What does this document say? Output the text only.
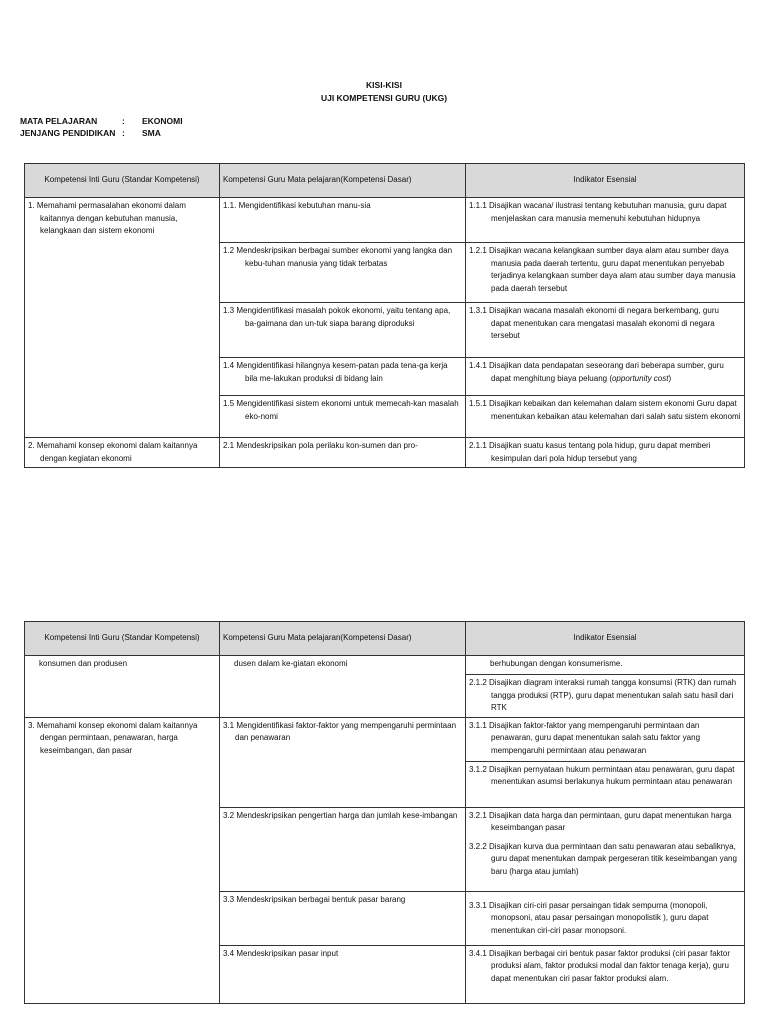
KISI-KISI
UJI KOMPETENSI GURU (UKG)
MATA PELAJARAN	: EKONOMI
JENJANG PENDIDIKAN : SMA
Kompetensi Inti Guru (Standar Kompetensi)	Kompetensi Guru Mata pelajaran(Kompetensi Dasar)	Indikator Esensial

1. Memahami permasalahan ekonomi dalam kaitannya dengan kebutuhan manusia, kelangkaan dan sistem ekonomi	1.1. Mengidentifikasi kebutuhan manu-sia	1.1.1 Disajikan wacana/ ilustrasi tentang kebutuhan manusia, guru dapat menjelaskan cara manusia memenuhi kebutuhan hidupnya

	1.2 Mendeskripsikan berbagai sumber ekonomi yang langka dan kebu-tuhan manusia yang tidak terbatas	1.2.1 Disajikan wacana kelangkaan sumber daya alam atau sumber daya manusia pada daerah tertentu, guru dapat menentukan penyebab terjadinya kelangkaan sumber daya alam atau sumber daya manusia pada daerah tersebut

	1.3 Mengidentifikasi masalah pokok ekonomi, yaitu tentang apa, ba-gaimana dan un-tuk siapa barang diproduksi	1.3.1 Disajikan wacana masalah ekonomi di negara berkembang, guru dapat menentukan cara mengatasi masalah ekonomi di negara tersebut

	1.4 Mengidentifikasi hilangnya kesem-patan pada tena-ga kerja bila me-lakukan produksi di bidang lain	1.4.1 Disajikan data pendapatan seseorang dari beberapa sumber, guru dapat menghitung biaya peluang (opportunity cost)

	1.5 Mengidentifikasi sistem ekonomi untuk memecah-kan masalah eko-nomi	1.5.1 Disajikan kebaikan dan kelemahan dalam sistem ekonomi Guru dapat menentukan kebaikan atau kelemahan dari salah satu sistem ekonomi

2. Memahami konsep ekonomi dalam kaitannya dengan kegiatan ekonomi	2.1 Mendeskripsikan pola perilaku kon-sumen dan pro-	2.1.1 Disajikan suatu kasus tentang pola hidup, guru dapat memberi kesimpulan dari pola hidup tersebut yang
Kompetensi Inti Guru (Standar Kompetensi)	Kompetensi Guru Mata pelajaran(Kompetensi Dasar)	Indikator Esensial
konsumen dan produsen	dusen dalam ke-giatan ekonomi	berhubungan dengan konsumerisme.

		2.1.2 Disajikan diagram interaksi rumah tangga konsumsi (RTK) dan rumah tangga produksi (RTP), guru dapat menentukan salah satu hasil dari RTK

3. Memahami konsep ekonomi dalam kaitannya dengan permintaan, penawaran, harga keseimbangan, dan pasar	3.1 Mengidentifikasi faktor-faktor yang mempengaruhi permintaan dan penawaran	3.1.1 Disajikan faktor-faktor yang mempengaruhi permintaan dan penawaran, guru dapat menentukan salah satu faktor yang mempengaruhi permintaan atau penawaran

		3.1.2 Disajikan pernyataan hukum permintaan atau penawaran, guru dapat menentukan asumsi berlakunya hukum permintaan atau penawaran

	3.2 Mendeskripsikan pengertian harga dan jumlah kese-imbangan	3.2.1 Disajikan data harga dan permintaan, guru dapat menentukan harga keseimbangan pasar
3.2.2 Disajikan kurva dua permintaan dan satu penawaran atau sebaliknya, guru dapat menentukan dampak pergeseran titik keseimbangan yang baru (harga atau jumlah)

	3.3 Mendeskripsikan berbagai bentuk pasar barang	3.3.1 Disajikan ciri-ciri pasar persaingan tidak sempurna (monopoli, monopsoni, atau pasar persaingan monopolistik ), guru dapat menentukan ciri-ciri pasar monopsoni.

	3.4 Mendeskripsikan pasar input	3.4.1 Disajikan berbagai ciri bentuk pasar faktor produksi (ciri pasar faktor produksi alam, faktor produksi modal dan faktor tenaga kerja), guru dapat menentukan ciri pasar faktor produksi alam.
